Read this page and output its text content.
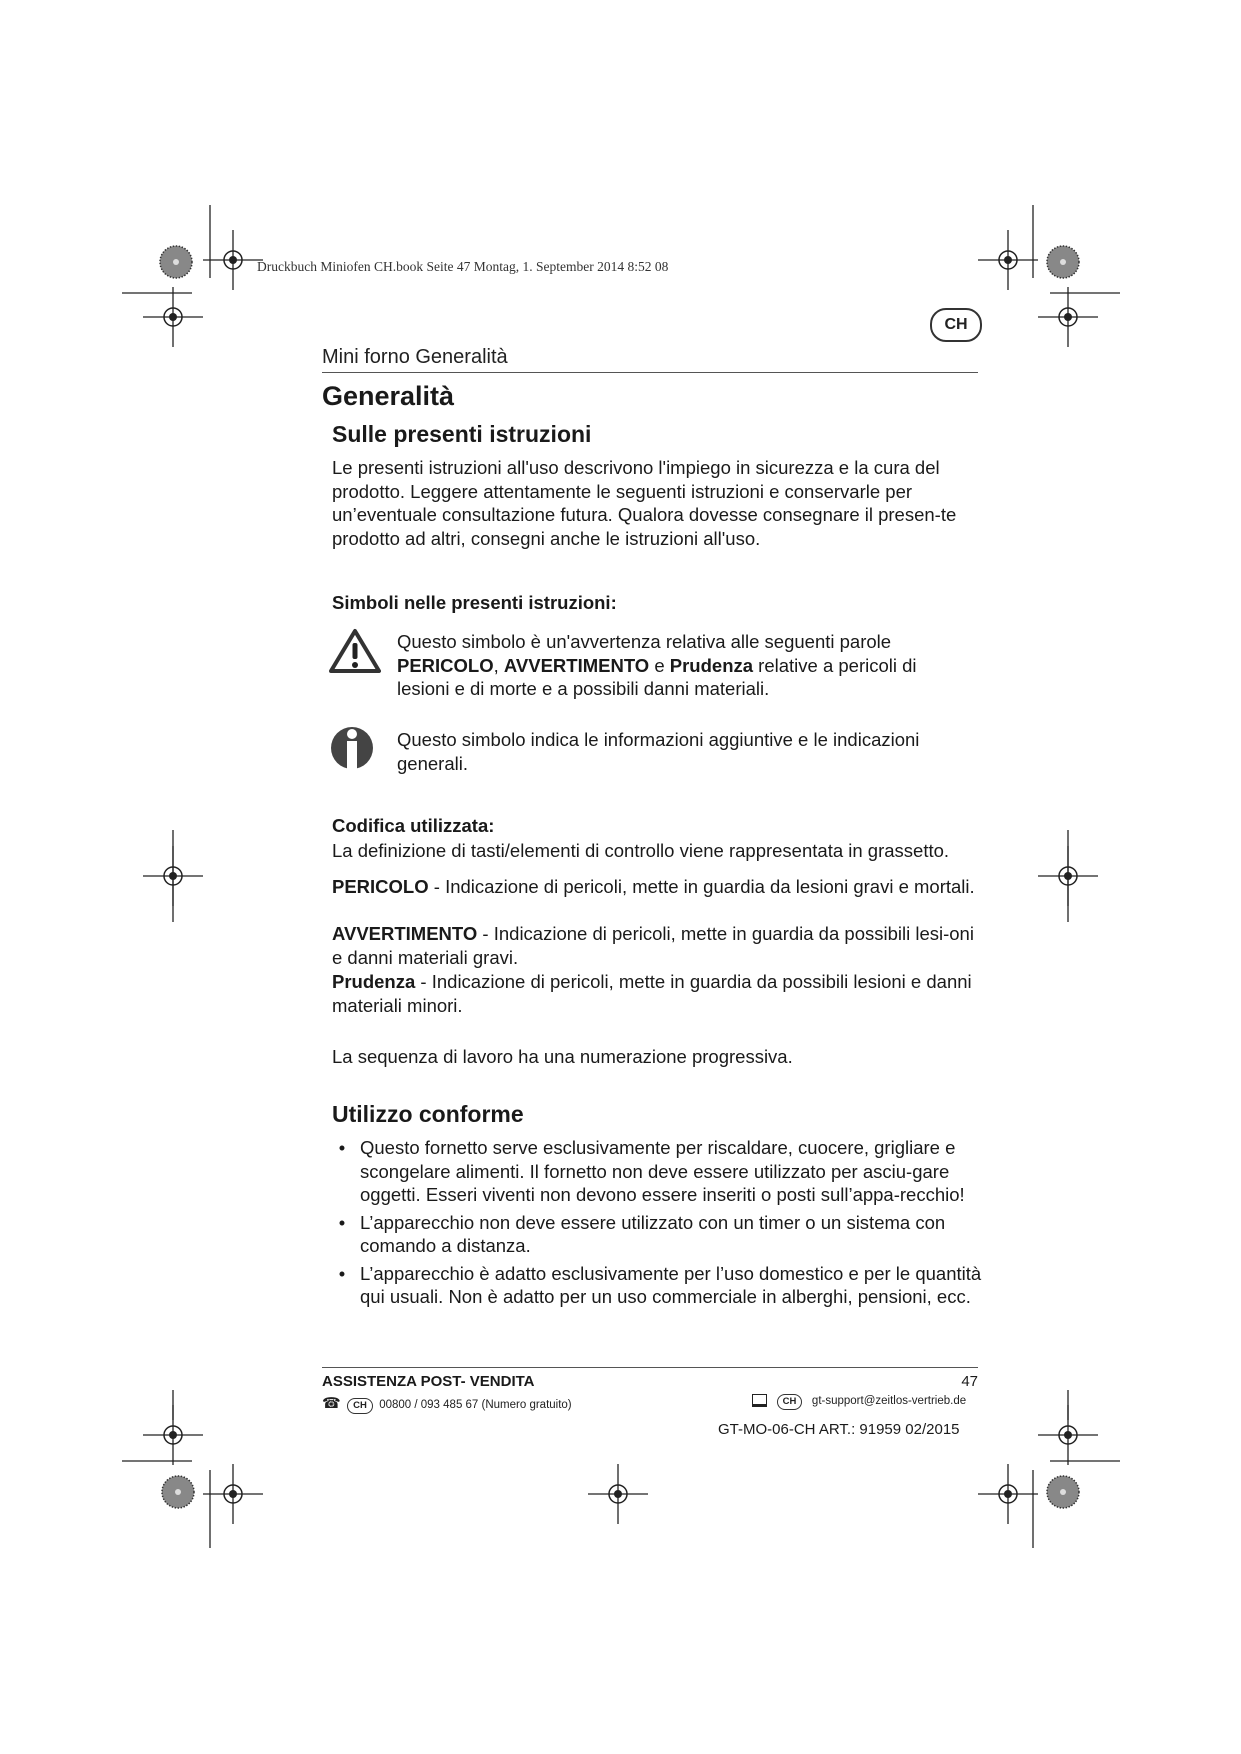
Druckbuch Miniofen CH.book Seite 47 Montag, 1. September 2014 8:52 08
CH
Mini forno Generalità
Generalità
Sulle presenti istruzioni
Le presenti istruzioni all'uso descrivono l'impiego in sicurezza e la cura del prodotto. Leggere attentamente le seguenti istruzioni e conservarle per un’eventuale consultazione futura. Qualora dovesse consegnare il presen-te prodotto ad altri, consegni anche le istruzioni all'uso.
Simboli nelle presenti istruzioni:
Questo simbolo è un'avvertenza relativa alle seguenti parole PERICOLO, AVVERTIMENTO e Prudenza relative a pericoli di lesioni e di morte e a possibili danni materiali.
Questo simbolo indica le informazioni aggiuntive e le indicazioni generali.
Codifica utilizzata:
La definizione di tasti/elementi di controllo viene rappresentata in grassetto.
PERICOLO - Indicazione di pericoli, mette in guardia da lesioni gravi e mortali.
AVVERTIMENTO - Indicazione di pericoli, mette in guardia da possibili lesi-oni e danni materiali gravi.
Prudenza - Indicazione di pericoli, mette in guardia da possibili lesioni e danni materiali minori.
La sequenza di lavoro ha una numerazione progressiva.
Utilizzo conforme
• Questo fornetto serve esclusivamente per riscaldare, cuocere, grigliare e scongelare alimenti. Il fornetto non deve essere utilizzato per asciu-gare oggetti. Esseri viventi non devono essere inseriti o posti sull’appa-recchio!
• L’apparecchio non deve essere utilizzato con un timer o un sistema con comando a distanza.
• L’apparecchio è adatto esclusivamente per l’uso domestico e per le quantità qui usuali. Non è adatto per un uso commerciale in alberghi, pensioni, ecc.
ASSISTENZA POST- VENDITA	47
☎ CH 00800 / 093 485 67 (Numero gratuito)	CH gt-support@zeitlos-vertrieb.de
GT-MO-06-CH ART.: 91959 02/2015
